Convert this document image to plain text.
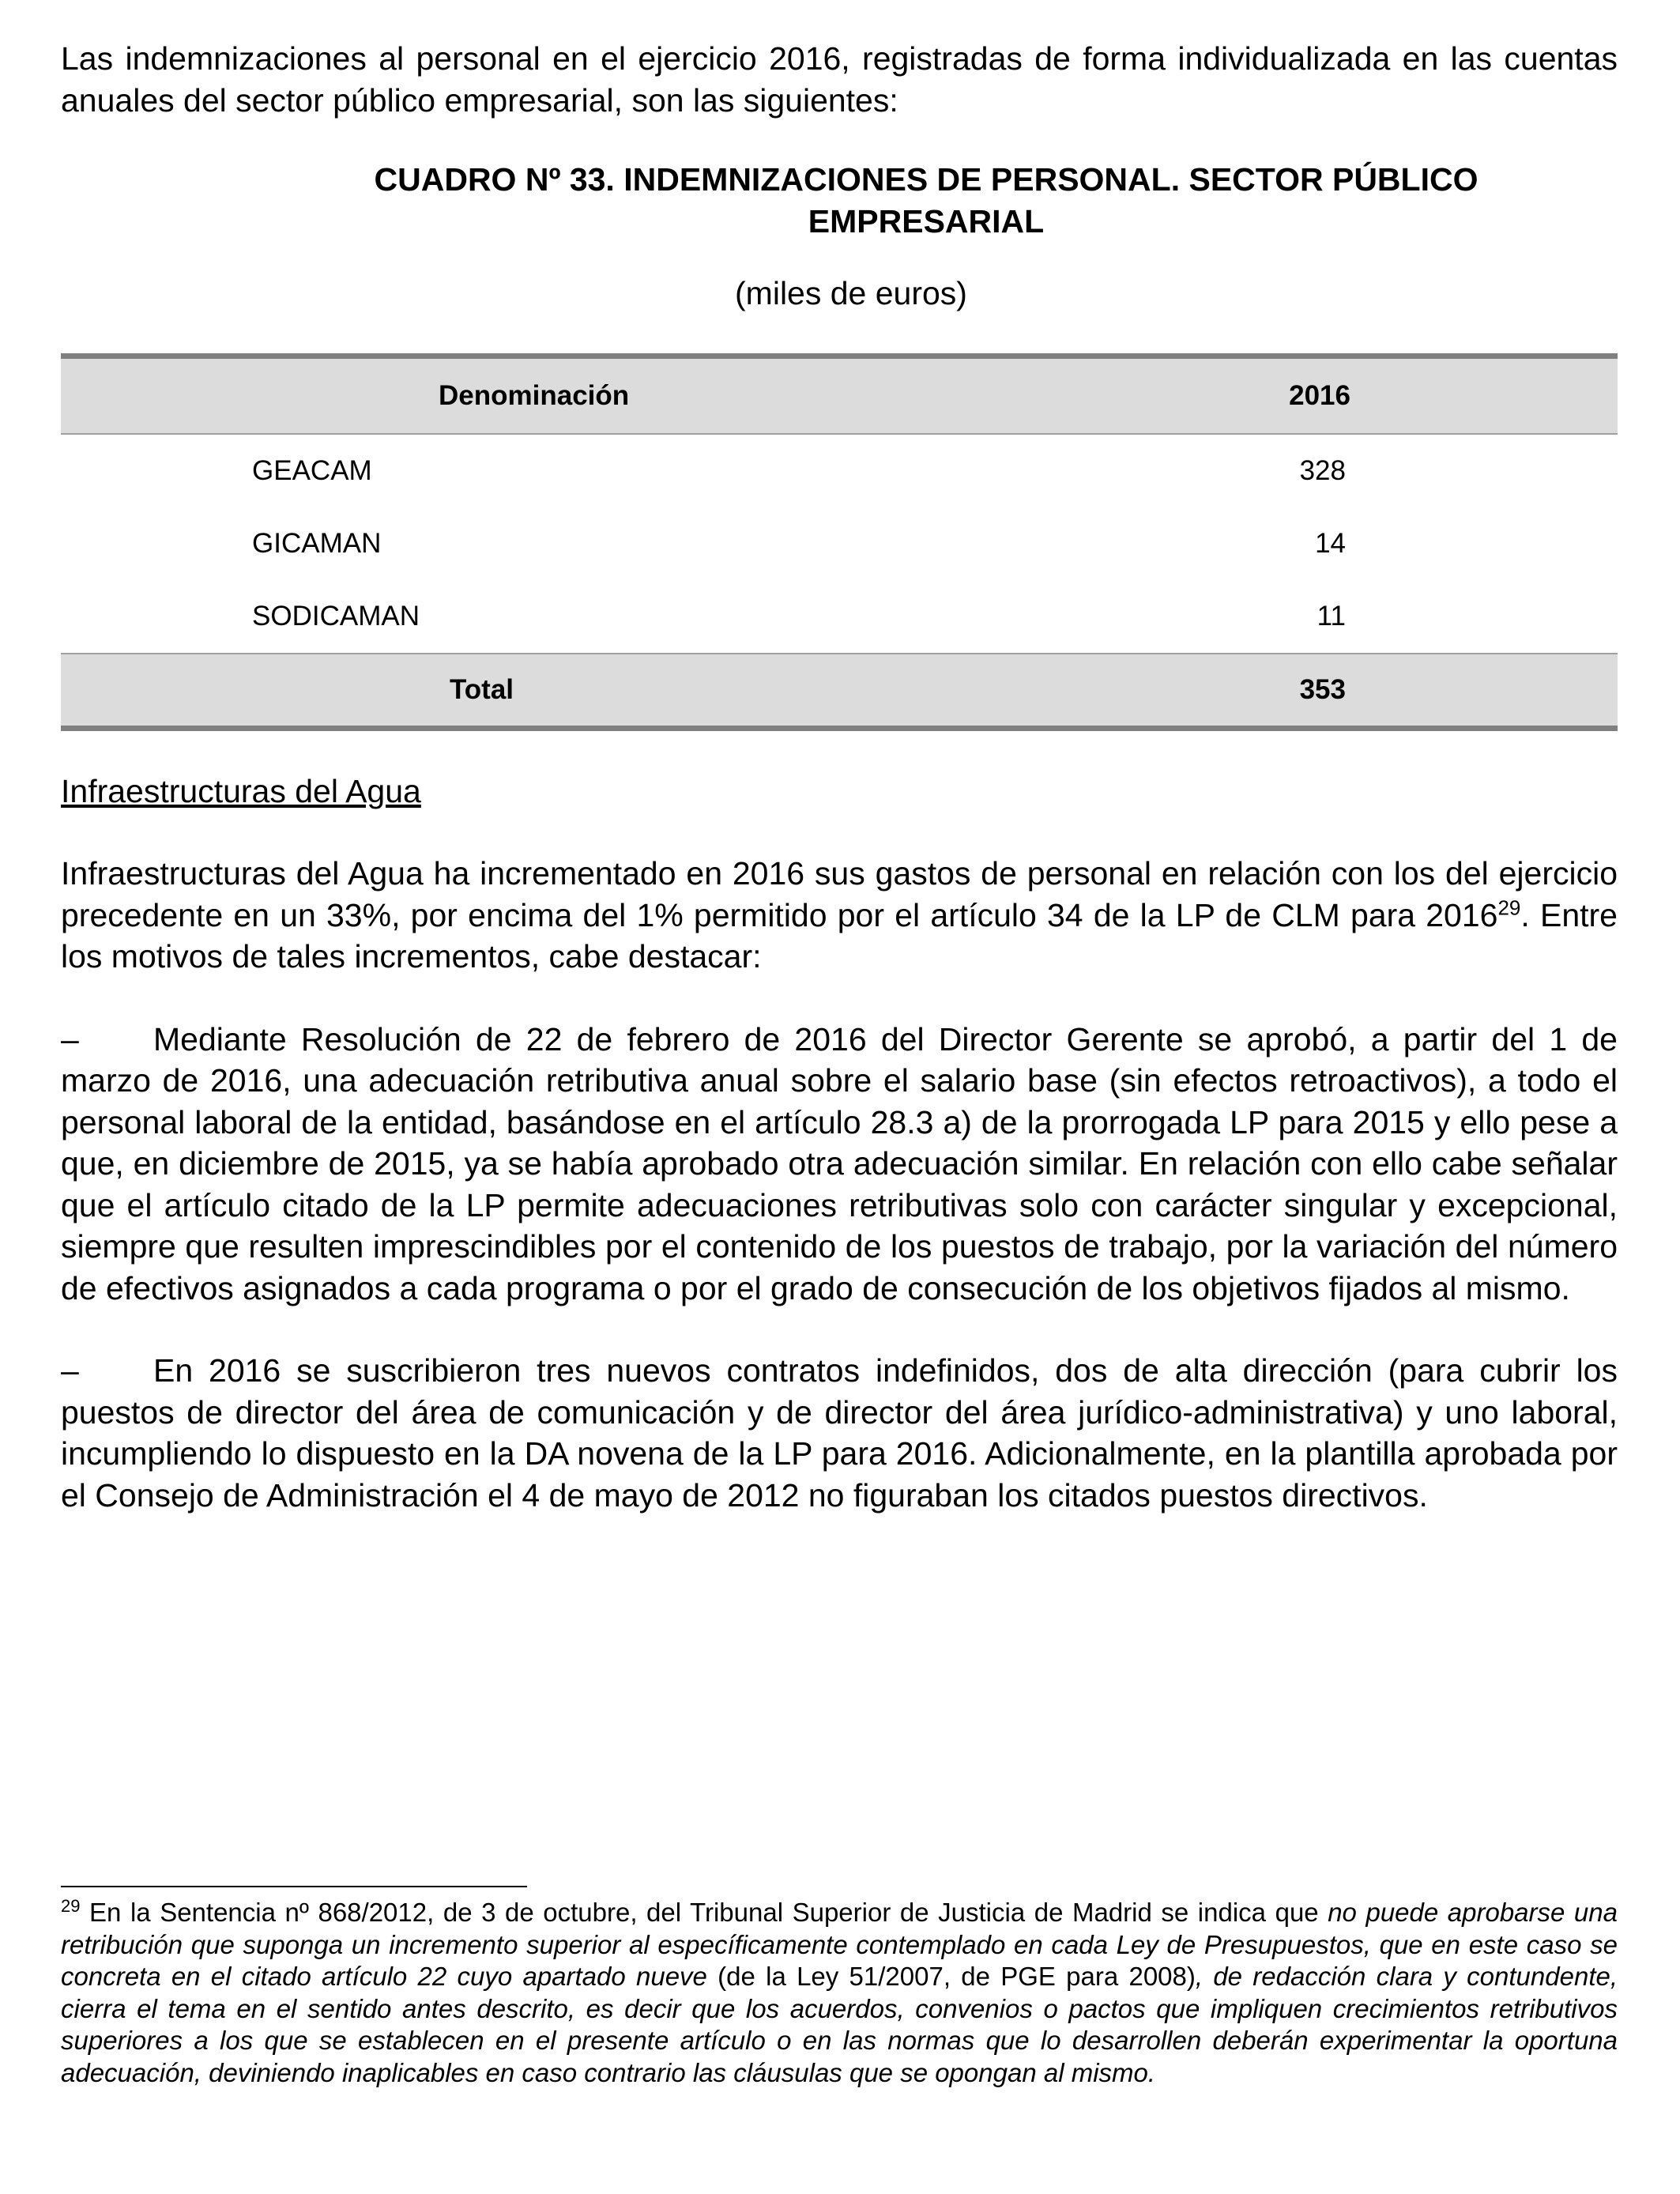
Las indemnizaciones al personal en el ejercicio 2016, registradas de forma individualizada en las cuentas anuales del sector público empresarial, son las siguientes:

CUADRO Nº 33. INDEMNIZACIONES DE PERSONAL. SECTOR PÚBLICO EMPRESARIAL
(miles de euros)
Denominación	2016
GEACAM	328
GICAMAN	14
SODICAMAN	11
Total	353

Infraestructuras del Agua

Infraestructuras del Agua ha incrementado en 2016 sus gastos de personal en relación con los del ejercicio precedente en un 33%, por encima del 1% permitido por el artículo 34 de la LP de CLM para 2016$^{29}$. Entre los motivos de tales incrementos, cabe destacar:

– Mediante Resolución de 22 de febrero de 2016 del Director Gerente se aprobó, a partir del 1 de marzo de 2016, una adecuación retributiva anual sobre el salario base (sin efectos retroactivos), a todo el personal laboral de la entidad, basándose en el artículo 28.3 a) de la prorrogada LP para 2015 y ello pese a que, en diciembre de 2015, ya se había aprobado otra adecuación similar. En relación con ello cabe señalar que el artículo citado de la LP permite adecuaciones retributivas solo con carácter singular y excepcional, siempre que resulten imprescindibles por el contenido de los puestos de trabajo, por la variación del número de efectivos asignados a cada programa o por el grado de consecución de los objetivos fijados al mismo.

– En 2016 se suscribieron tres nuevos contratos indefinidos, dos de alta dirección (para cubrir los puestos de director del área de comunicación y de director del área jurídico-administrativa) y uno laboral, incumpliendo lo dispuesto en la DA novena de la LP para 2016. Adicionalmente, en la plantilla aprobada por el Consejo de Administración el 4 de mayo de 2012 no figuraban los citados puestos directivos.

$^{29}$ En la Sentencia nº 868/2012, de 3 de octubre, del Tribunal Superior de Justicia de Madrid se indica que no puede aprobarse una retribución que suponga un incremento superior al específicamente contemplado en cada Ley de Presupuestos, que en este caso se concreta en el citado artículo 22 cuyo apartado nueve (de la Ley 51/2007, de PGE para 2008), de redacción clara y contundente, cierra el tema en el sentido antes descrito, es decir que los acuerdos, convenios o pactos que impliquen crecimientos retributivos superiores a los que se establecen en el presente artículo o en las normas que lo desarrollen deberán experimentar la oportuna adecuación, deviniendo inaplicables en caso contrario las cláusulas que se opongan al mismo.
